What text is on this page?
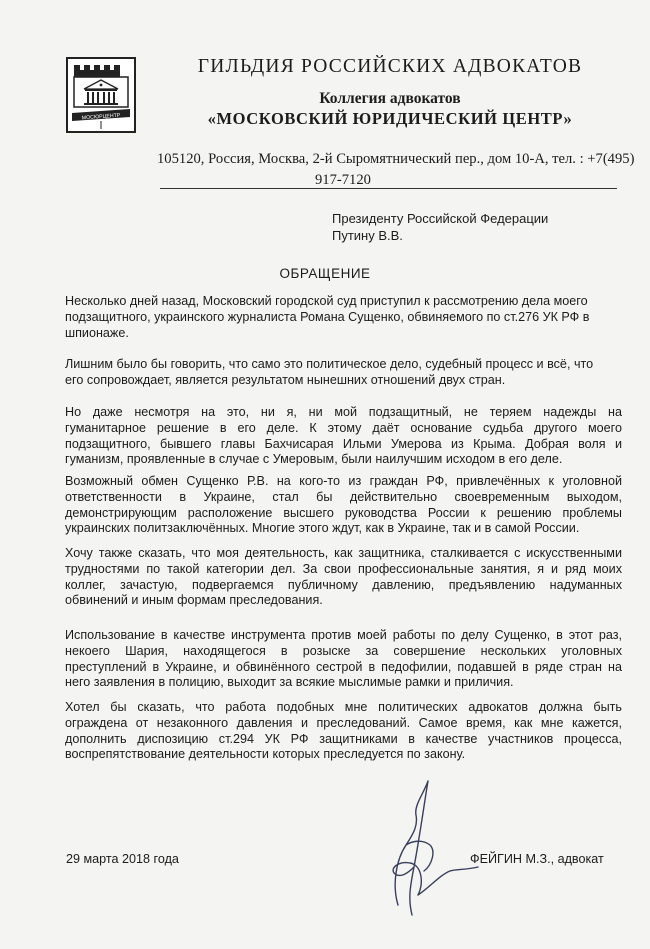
МОСЮРЦЕНТР
ГИЛЬДИЯ РОССИЙСКИХ АДВОКАТОВ
Коллегия адвокатов
«МОСКОВСКИЙ ЮРИДИЧЕСКИЙ ЦЕНТР»
105120, Россия, Москва, 2-й Сыромятнический пер., дом 10-А, тел. : +7(495)
917-7120
Президенту Российской Федерации
Путину В.В.
ОБРАЩЕНИЕ
Несколько дней назад, Московский городской суд приступил к рассмотрению дела моего
подзащитного, украинского журналиста Романа Сущенко, обвиняемого по ст.276 УК РФ в
шпионаже.
Лишним было бы говорить, что само это политическое дело, судебный процесс и всё, что
его сопровождает, является результатом нынешних отношений двух стран.
Но даже несмотря на это, ни я, ни мой подзащитный, не теряем надежды на
гуманитарное решение в его деле. К этому даёт основание судьба другого моего
подзащитного, бывшего главы Бахчисарая Ильми Умерова из Крыма. Добрая воля и
гуманизм, проявленные в случае с Умеровым, были наилучшим исходом в его деле.
Возможный обмен Сущенко Р.В. на кого-то из граждан РФ, привлечённых к уголовной
ответственности в Украине, стал бы действительно своевременным выходом,
демонстрирующим расположение высшего руководства России к решению проблемы
украинских политзаключённых. Многие этого ждут, как в Украине, так и в самой России.
Хочу также сказать, что моя деятельность, как защитника, сталкивается с искусственными
трудностями по такой категории дел. За свои профессиональные занятия, я и ряд моих
коллег, зачастую, подвергаемся публичному давлению, предъявлению надуманных
обвинений и иным формам преследования.
Использование в качестве инструмента против моей работы по делу Сущенко, в этот раз,
некоего Шария, находящегося в розыске за совершение нескольких уголовных
преступлений в Украине, и обвинённого сестрой в педофилии, подавшей в ряде стран на
него заявления в полицию, выходит за всякие мыслимые рамки и приличия.
Хотел бы сказать, что работа подобных мне политических адвокатов должна быть
ограждена от незаконного давления и преследований. Самое время, как мне кажется,
дополнить диспозицию ст.294 УК РФ защитниками в качестве участников процесса,
воспрепятствование деятельности которых преследуется по закону.
29 марта 2018 года	ФЕЙГИН М.З., адвокат
